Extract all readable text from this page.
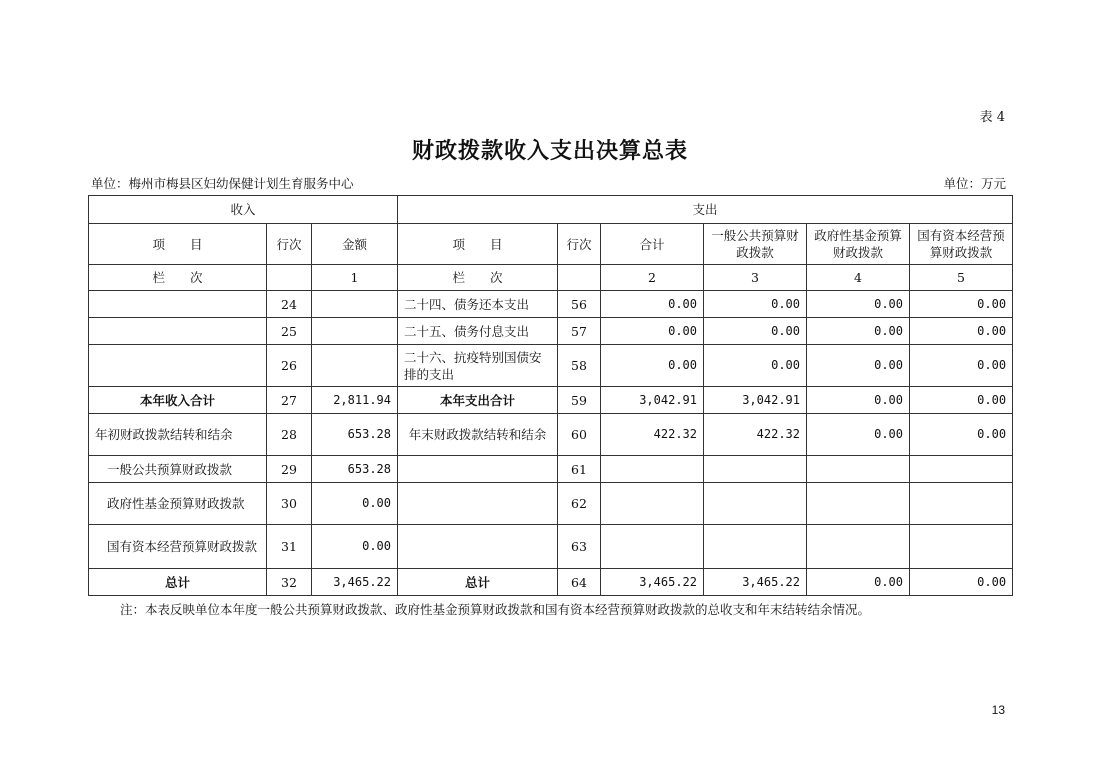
表 4
财政拨款收入支出决算总表
单位：梅州市梅县区妇幼保健计划生育服务中心	单位：万元
收入			支出					
项　　目	行次	金额	项　　目	行次	合计	一般公共预算财政拨款	政府性基金预算财政拨款	国有资本经营预算财政拨款
栏　　次		1	栏　　次		2	3	4	5
	24		二十四、债务还本支出	56	0.00	0.00	0.00	0.00
	25		二十五、债务付息支出	57	0.00	0.00	0.00	0.00
	26		二十六、抗疫特别国债安排的支出	58	0.00	0.00	0.00	0.00
本年收入合计	27	2,811.94	本年支出合计	59	3,042.91	3,042.91	0.00	0.00
年初财政拨款结转和结余	28	653.28	年末财政拨款结转和结余	60	422.32	422.32	0.00	0.00
一般公共预算财政拨款	29	653.28		61				
政府性基金预算财政拨款	30	0.00		62				
国有资本经营预算财政拨款	31	0.00		63				
总计	32	3,465.22	总计	64	3,465.22	3,465.22	0.00	0.00
注：本表反映单位本年度一般公共预算财政拨款、政府性基金预算财政拨款和国有资本经营预算财政拨款的总收支和年末结转结余情况。
13
